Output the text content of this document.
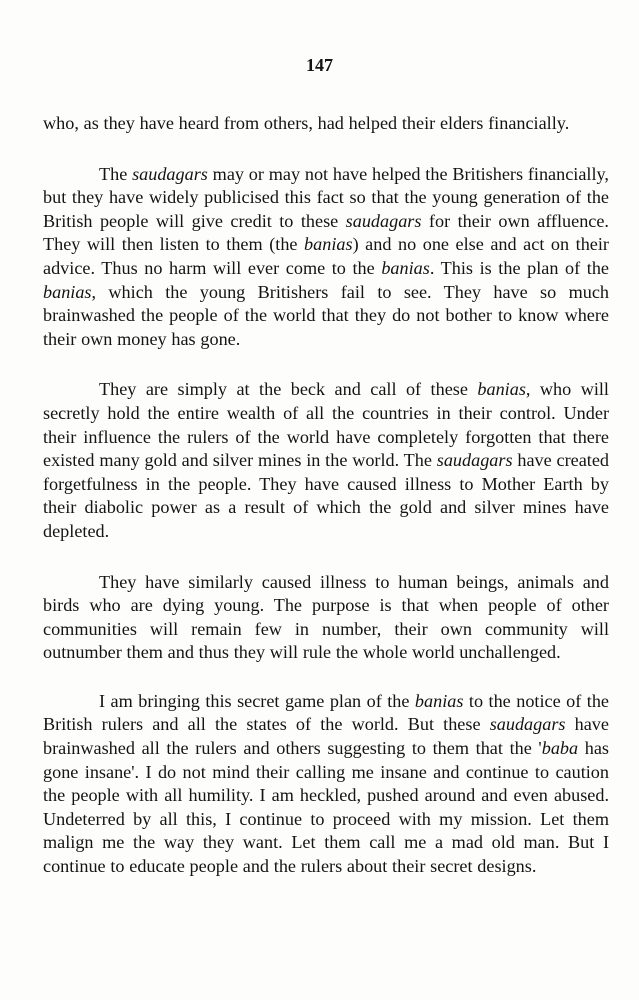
147

who, as they have heard from others, had helped their elders financially.

The saudagars may or may not have helped the Britishers financially, but they have widely publicised this fact so that the young generation of the British people will give credit to these saudagars for their own affluence. They will then listen to them (the banias) and no one else and act on their advice. Thus no harm will ever come to the banias. This is the plan of the banias, which the young Britishers fail to see. They have so much brainwashed the people of the world that they do not bother to know where their own money has gone.

They are simply at the beck and call of these banias, who will secretly hold the entire wealth of all the countries in their control. Under their influence the rulers of the world have completely forgotten that there existed many gold and silver mines in the world. The saudagars have created forgetfulness in the people. They have caused illness to Mother Earth by their diabolic power as a result of which the gold and silver mines have depleted.

They have similarly caused illness to human beings, animals and birds who are dying young. The purpose is that when people of other communities will remain few in number, their own community will outnumber them and thus they will rule the whole world unchallenged.

I am bringing this secret game plan of the banias to the notice of the British rulers and all the states of the world. But these saudagars have brainwashed all the rulers and others suggesting to them that the 'baba has gone insane'. I do not mind their calling me insane and continue to caution the people with all humility. I am heckled, pushed around and even abused. Undeterred by all this, I continue to proceed with my mission. Let them malign me the way they want. Let them call me a mad old man. But I continue to educate people and the rulers about their secret designs.
